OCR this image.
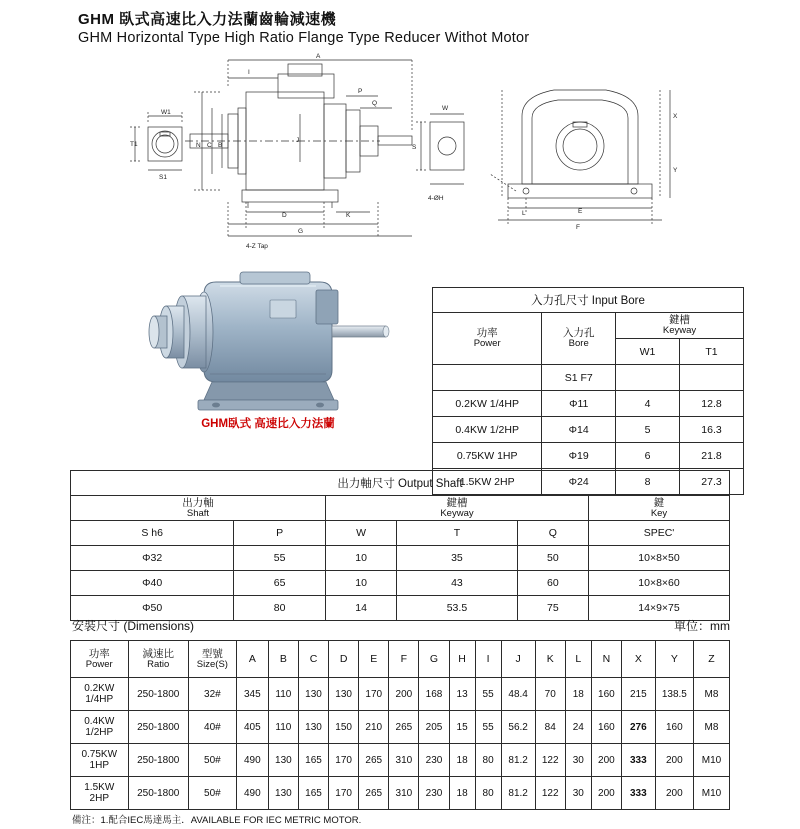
GHM 臥式高速比入力法蘭齒輪減速機
GHM Horizontal Type High Ratio Flange Type Reducer Withot Motor
W1
T1
S1
I
A
P
Q
N C B
J
D	K
G
4-Z Tap
W
S
4-ØH
E
F
Y
X
L
GHM臥式 高速比入力法蘭
入力孔尺寸 Input Bore			

功率
Power

入力孔
Bore

鍵槽
Keyway

		W1	T1
	S1 F7		
0.2KW 1/4HP	Φ11	4	12.8
0.4KW 1/2HP	Φ14	5	16.3
0.75KW 1HP	Φ19	6	21.8
1.5KW 2HP	Φ24	8	27.3
出力軸尺寸 Output Shaft					

出力軸
Shaft

鍵槽
Keyway

鍵
Key

S h6	P	W	T	Q	SPEC'
Φ32	55	10	35	50	10×8×50
Φ40	65	10	43	60	10×8×60
Φ50	80	14	53.5	75	14×9×75
安裝尺寸 (Dimensions)	單位：mm
功率
Power

減速比
Ratio

型號
Size(S)	A	B	C	D	E	F	G	H	I	J	K	L	N	X	Y	Z

0.2KW
1/4HP	250-1800	32#	345	110	130	130	170	200	168	13	55	48.4	70	18	160	215	138.5	M8

0.4KW
1/2HP	250-1800	40#	405	110	130	150	210	265	205	15	55	56.2	84	24	160	276	160	M8

0.75KW
1HP	250-1800	50#	490	130	165	170	265	310	230	18	80	81.2	122	30	200	333	200	M10

1.5KW
2HP	250-1800	50#	490	130	165	170	265	310	230	18	80	81.2	122	30	200	333	200	M10
備注：1.配合IEC馬達馬主．AVAILABLE FOR IEC METRIC MOTOR.
